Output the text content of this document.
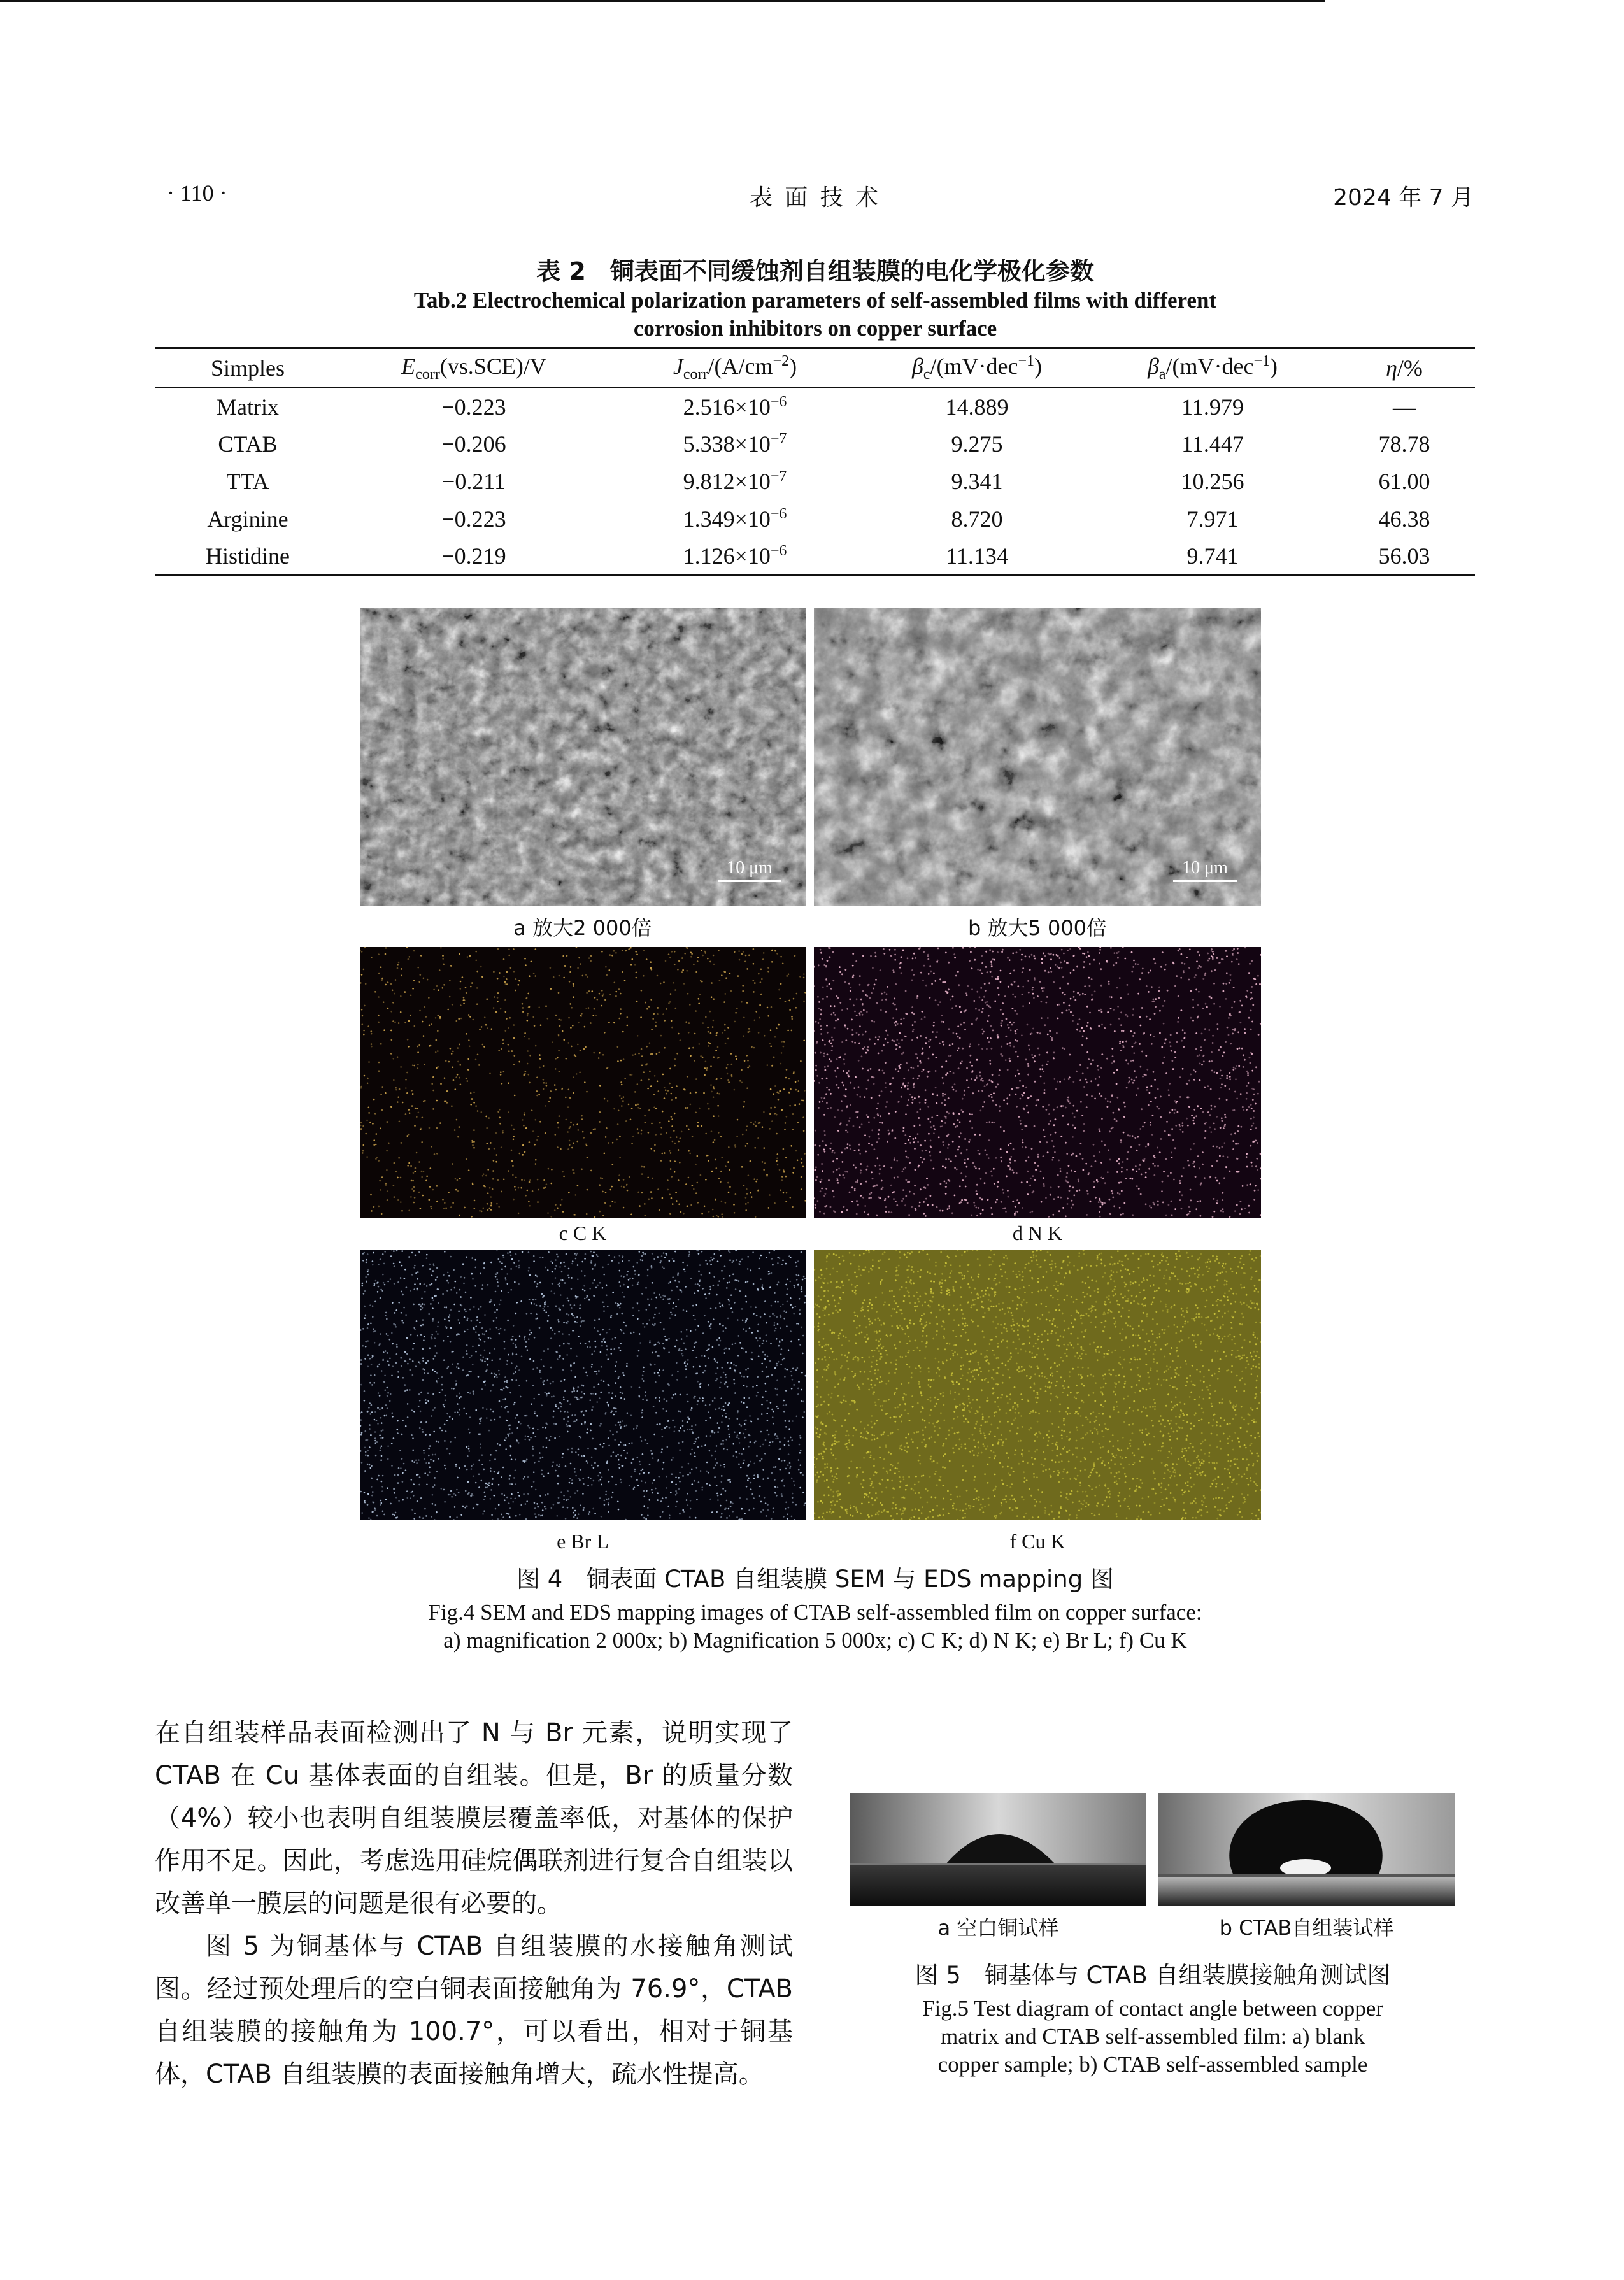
· 110 ·	表 面 技 术	2024 年 7 月
表 2　铜表面不同缓蚀剂自组装膜的电化学极化参数
Tab.2 Electrochemical polarization parameters of self-assembled films with different
corrosion inhibitors on copper surface
Simples	$E_{corr}(vs.SCE)/V$	$J_{corr}/(A/cm^{-2})$	$\beta_c/(mV\cdot dec^{-1})$	$\beta_a/(mV\cdot dec^{-1})$	η/%
Matrix	−0.223	$2.516\times 10^{-6}$	14.889	11.979	—
CTAB	−0.206	$5.338\times 10^{-7}$	9.275	11.447	78.78
TTA	−0.211	$9.812\times 10^{-7}$	9.341	10.256	61.00
Arginine	−0.223	$1.349\times 10^{-6}$	8.720	7.971	46.38
Histidine	−0.219	$1.126\times 10^{-6}$	11.134	9.741	56.03
10 μm	10 μm
a 放大2 000倍	b 放大5 000倍
c C K	d N K
e Br L	f Cu K
图 4　铜表面 CTAB 自组装膜 SEM 与 EDS mapping 图
Fig.4 SEM and EDS mapping images of CTAB self-assembled film on copper surface:
a) magnification 2 000x; b) Magnification 5 000x; c) C K; d) N K; e) Br L; f) Cu K

在自组装样品表面检测出了 N 与 Br 元素，说明实现了 CTAB 在 Cu 基体表面的自组装。但是，Br 的质量分数（4%）较小也表明自组装膜层覆盖率低，对基体的保护作用不足。因此，考虑选用硅烷偶联剂进行复合自组装以改善单一膜层的问题是很有必要的。

图 5 为铜基体与 CTAB 自组装膜的水接触角测试图。经过预处理后的空白铜表面接触角为 76.9°，CTAB 自组装膜的接触角为 100.7°，可以看出，相对于铜基体，CTAB 自组装膜的表面接触角增大，疏水性提高。

a 空白铜试样	b CTAB自组装试样
图 5　铜基体与 CTAB 自组装膜接触角测试图
Fig.5 Test diagram of contact angle between copper
matrix and CTAB self-assembled film: a) blank
copper sample; b) CTAB self-assembled sample
